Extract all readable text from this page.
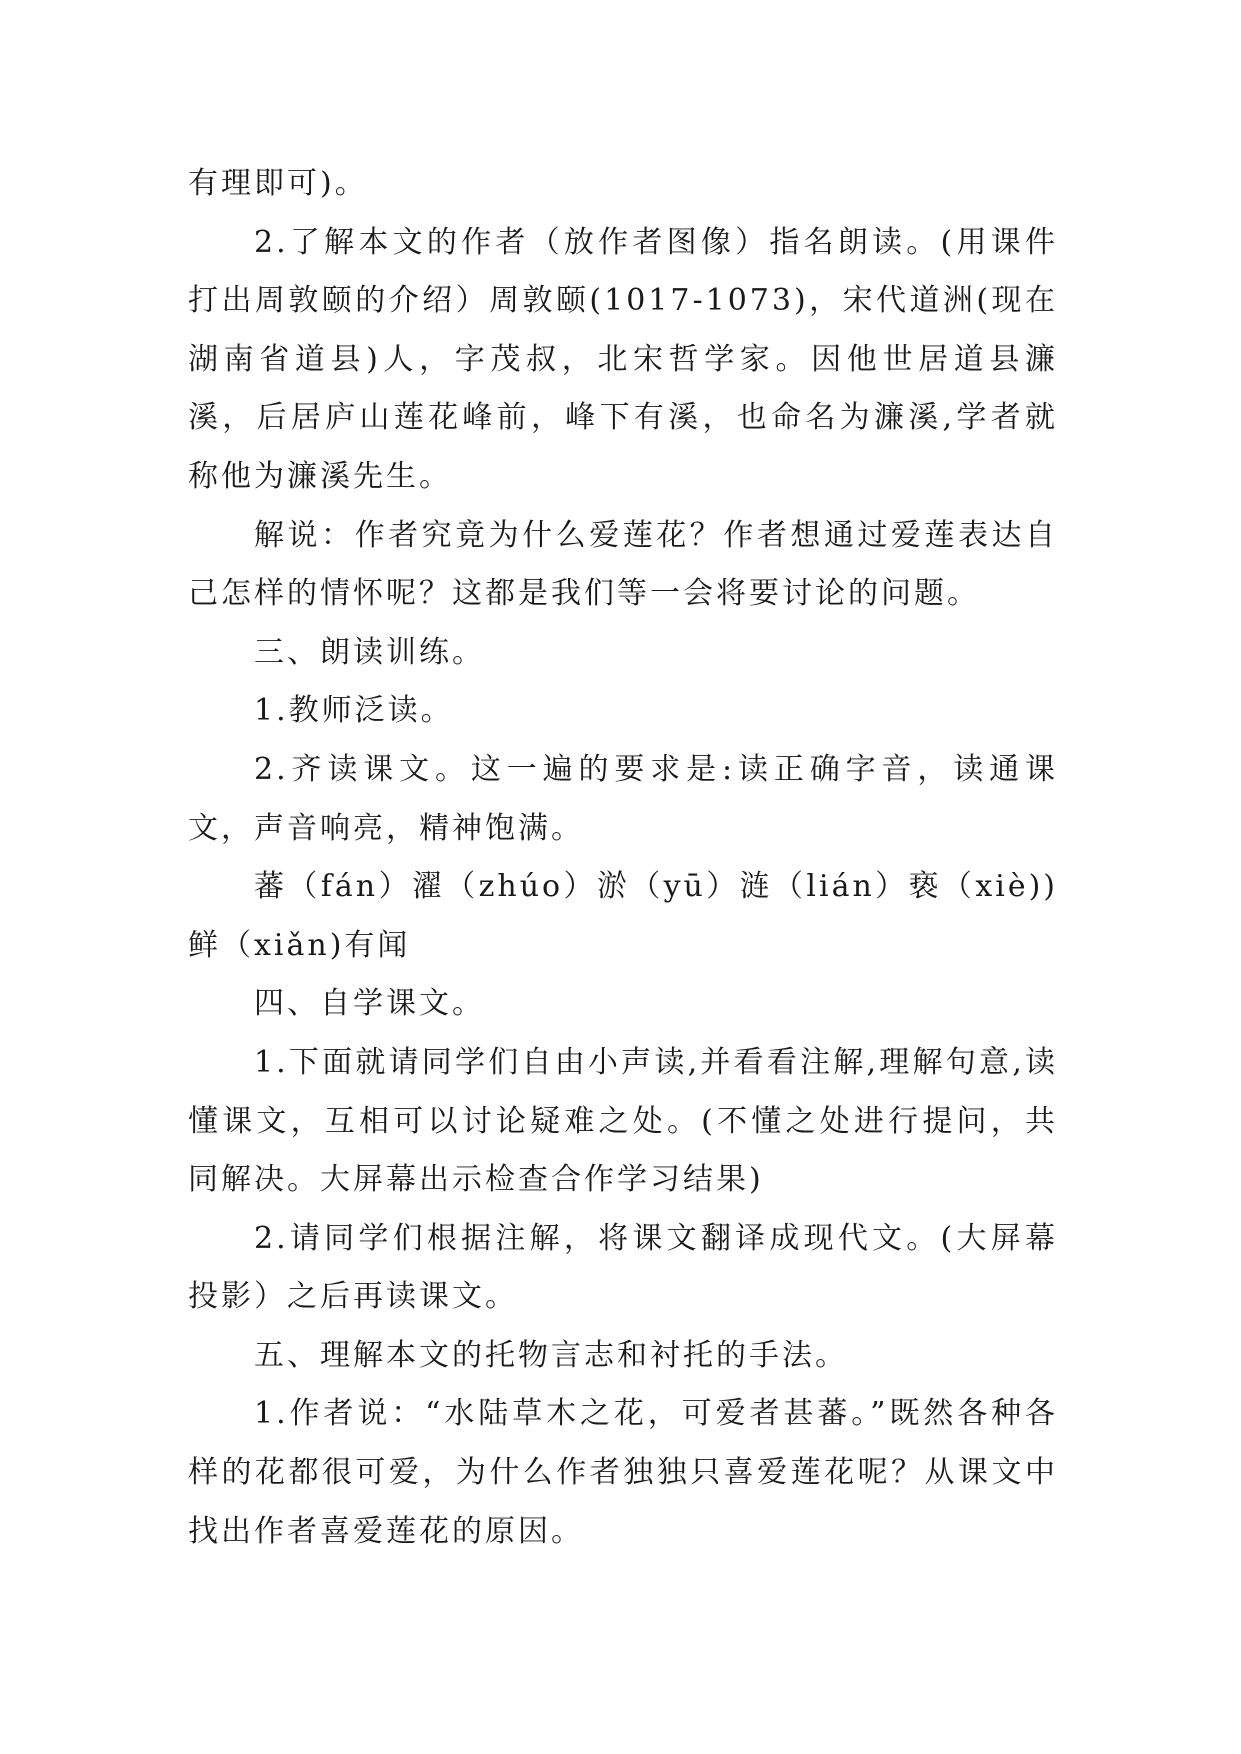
有理即可)。

2.了解本文的作者（放作者图像）指名朗读。(用课件打出周敦颐的介绍）周敦颐(1017-1073)，宋代道洲(现在湖南省道县)人，字茂叔，北宋哲学家。因他世居道县濂溪，后居庐山莲花峰前，峰下有溪，也命名为濂溪,学者就称他为濂溪先生。

解说：作者究竟为什么爱莲花？作者想通过爱莲表达自己怎样的情怀呢？这都是我们等一会将要讨论的问题。

三、朗读训练。

1.教师泛读。

2.齐读课文。这一遍的要求是:读正确字音，读通课文，声音响亮，精神饱满。

蕃（fán）濯（zhúo）淤（yū）涟（lián）亵（xiè))鲜（xiǎn)有闻

四、自学课文。

1.下面就请同学们自由小声读,并看看注解,理解句意,读懂课文，互相可以讨论疑难之处。(不懂之处进行提问，共同解决。大屏幕出示检查合作学习结果)

2.请同学们根据注解，将课文翻译成现代文。(大屏幕投影）之后再读课文。

五、理解本文的托物言志和衬托的手法。

1.作者说：“水陆草木之花，可爱者甚蕃。”既然各种各样的花都很可爱，为什么作者独独只喜爱莲花呢？从课文中找出作者喜爱莲花的原因。
